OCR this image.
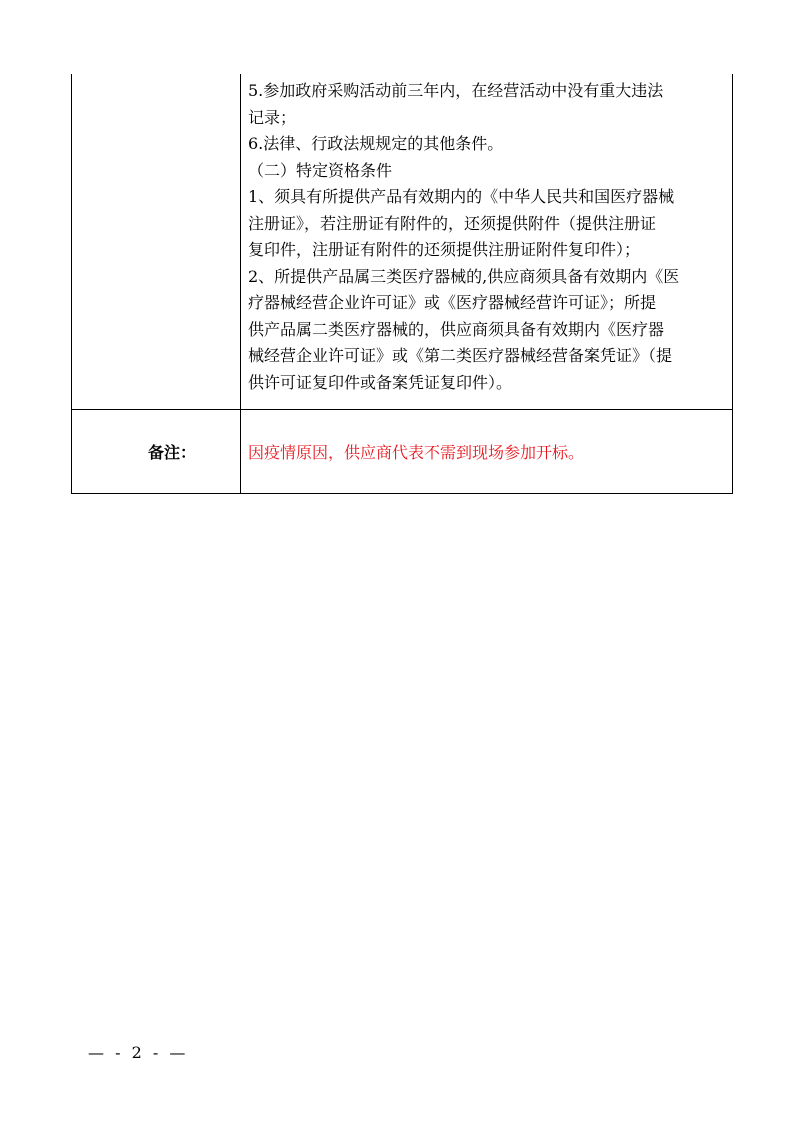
5.参加政府采购活动前三年内，在经营活动中没有重大违法
记录；
6.法律、行政法规规定的其他条件。
（二）特定资格条件
1、须具有所提供产品有效期内的《中华人民共和国医疗器械
注册证》，若注册证有附件的，还须提供附件（提供注册证
复印件，注册证有附件的还须提供注册证附件复印件）；
2、所提供产品属三类医疗器械的,供应商须具备有效期内《医
疗器械经营企业许可证》或《医疗器械经营许可证》；所提
供产品属二类医疗器械的，供应商须具备有效期内《医疗器
械经营企业许可证》或《第二类医疗器械经营备案凭证》（提
供许可证复印件或备案凭证复印件）。
备注：	因疫情原因，供应商代表不需到现场参加开标。
— - 2 - —
